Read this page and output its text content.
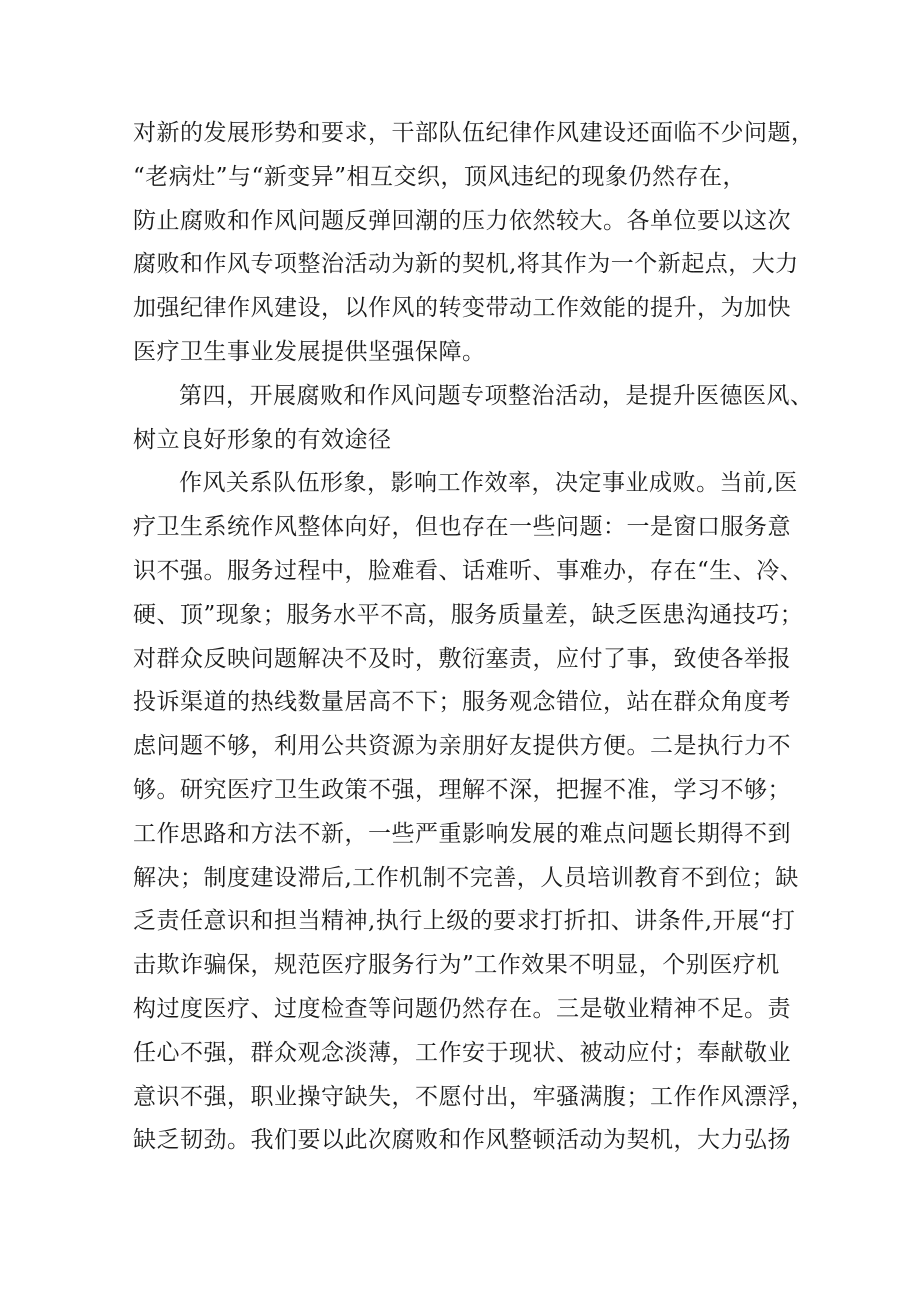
对新的发展形势和要求，干部队伍纪律作风建设还面临不少问题，
“老病灶”与“新变异”相互交织，顶风违纪的现象仍然存在，
防止腐败和作风问题反弹回潮的压力依然较大。各单位要以这次
腐败和作风专项整治活动为新的契机,将其作为一个新起点，大力
加强纪律作风建设，以作风的转变带动工作效能的提升，为加快
医疗卫生事业发展提供坚强保障。
第四，开展腐败和作风问题专项整治活动，是提升医德医风、
树立良好形象的有效途径
作风关系队伍形象，影响工作效率，决定事业成败。当前,医
疗卫生系统作风整体向好，但也存在一些问题：一是窗口服务意
识不强。服务过程中，脸难看、话难听、事难办，存在“生、冷、
硬、顶”现象；服务水平不高，服务质量差，缺乏医患沟通技巧；
对群众反映问题解决不及时，敷衍塞责，应付了事，致使各举报
投诉渠道的热线数量居高不下；服务观念错位，站在群众角度考
虑问题不够，利用公共资源为亲朋好友提供方便。二是执行力不
够。研究医疗卫生政策不强，理解不深，把握不准，学习不够；
工作思路和方法不新，一些严重影响发展的难点问题长期得不到
解决；制度建设滞后,工作机制不完善，人员培训教育不到位；缺
乏责任意识和担当精神,执行上级的要求打折扣、讲条件,开展“打
击欺诈骗保，规范医疗服务行为”工作效果不明显，个别医疗机
构过度医疗、过度检查等问题仍然存在。三是敬业精神不足。责
任心不强，群众观念淡薄，工作安于现状、被动应付；奉献敬业
意识不强，职业操守缺失，不愿付出，牢骚满腹；工作作风漂浮，
缺乏韧劲。我们要以此次腐败和作风整顿活动为契机，大力弘扬
